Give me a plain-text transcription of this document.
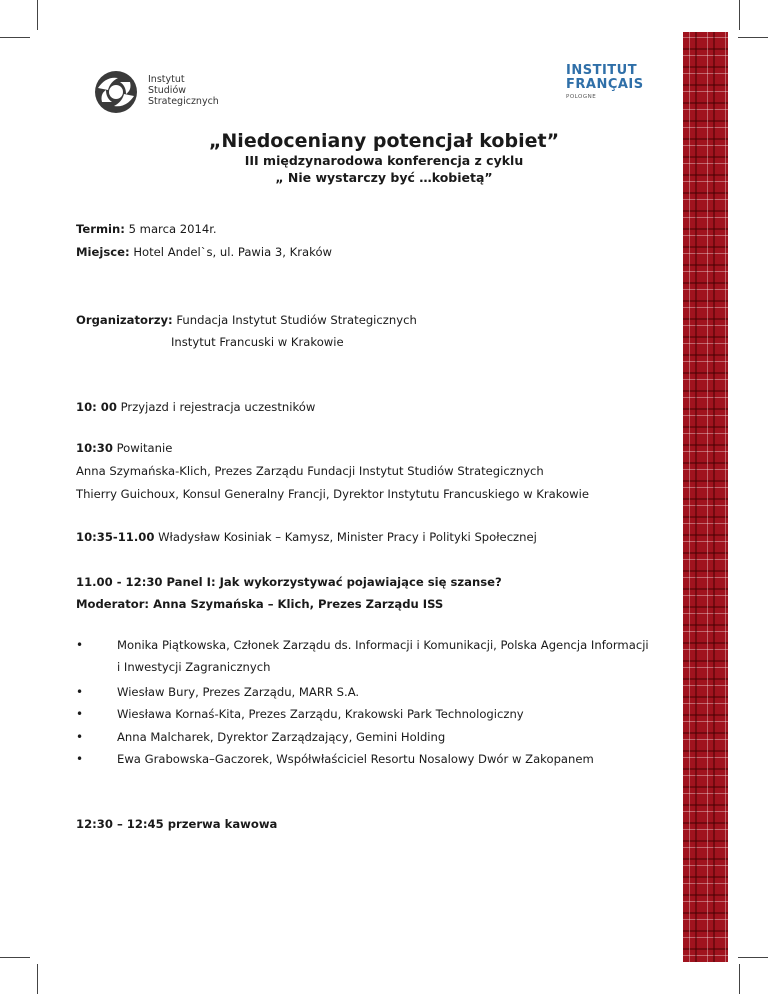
Instytut
Studiów
Strategicznych
INSTITUT
FRANÇAIS
POLOGNE
„Niedoceniany potencjał kobiet”
III międzynarodowa konferencja z cyklu
„ Nie wystarczy być …kobietą”
Termin: 5 marca 2014r.
Miejsce: Hotel Andel`s, ul. Pawia 3, Kraków
Organizatorzy: Fundacja Instytut Studiów Strategicznych
Instytut Francuski w Krakowie
10: 00 Przyjazd i rejestracja uczestników
10:30 Powitanie
Anna Szymańska-Klich, Prezes Zarządu Fundacji Instytut Studiów Strategicznych
Thierry Guichoux, Konsul Generalny Francji, Dyrektor Instytutu Francuskiego w Krakowie
10:35-11.00 Władysław Kosiniak – Kamysz, Minister Pracy i Polityki Społecznej
11.00 - 12:30 Panel I: Jak wykorzystywać pojawiające się szanse?
Moderator: Anna Szymańska – Klich, Prezes Zarządu ISS
•	Monika Piątkowska, Członek Zarządu ds. Informacji i Komunikacji, Polska Agencja Informacji
i Inwestycji Zagranicznych
•	Wiesław Bury, Prezes Zarządu, MARR S.A.
•	Wiesława Kornaś-Kita, Prezes Zarządu, Krakowski Park Technologiczny
•	Anna Malcharek, Dyrektor Zarządzający, Gemini Holding
•	Ewa Grabowska–Gaczorek, Współwłaściciel Resortu Nosalowy Dwór w Zakopanem
12:30 – 12:45 przerwa kawowa
